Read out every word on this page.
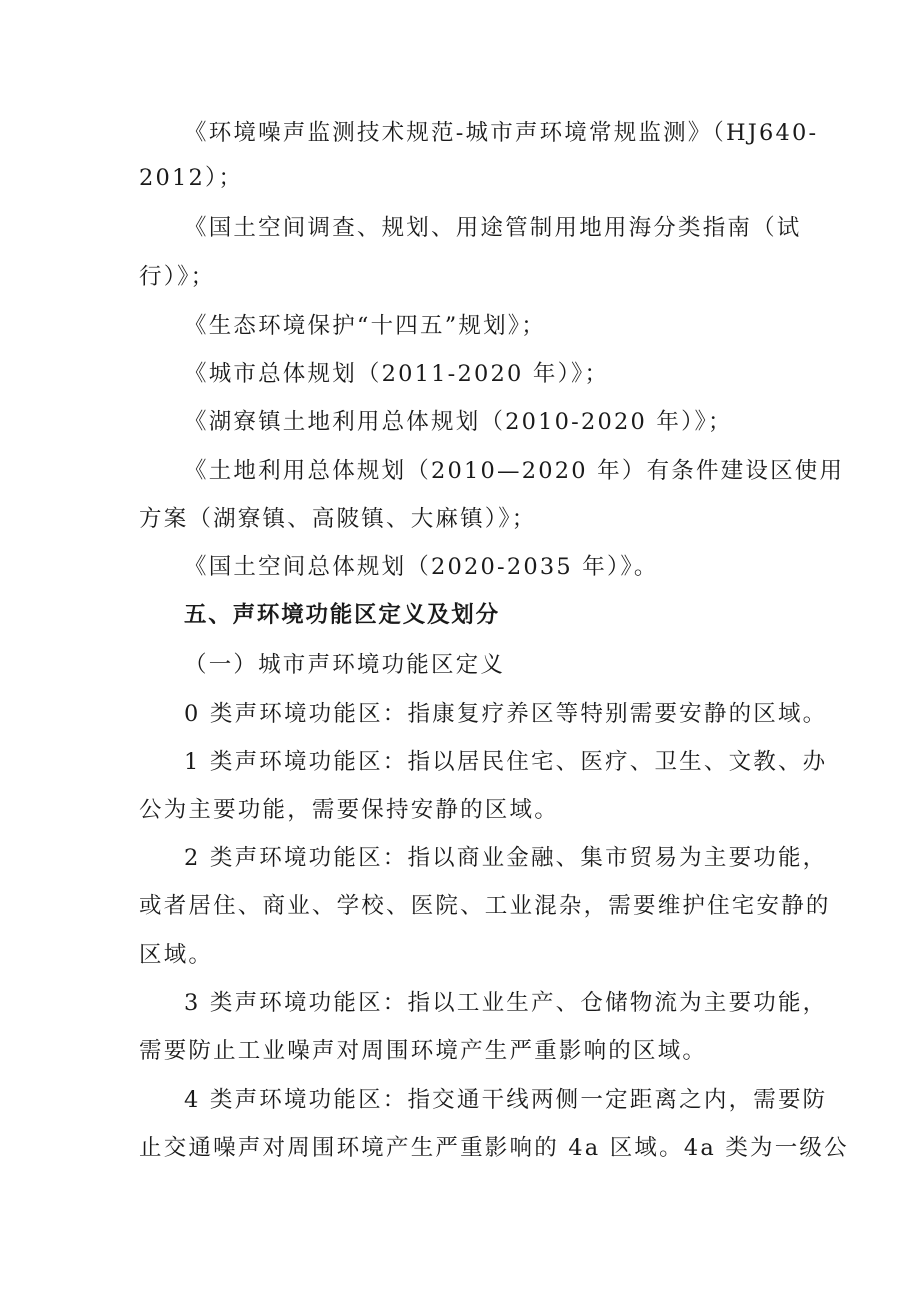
《环境噪声监测技术规范-城市声环境常规监测》（HJ640-

2012）；

《国土空间调查、规划、用途管制用地用海分类指南（试

行）》；

《生态环境保护“十四五”规划》；

《城市总体规划（2011-2020 年）》；

《湖寮镇土地利用总体规划（2010-2020 年）》；

《土地利用总体规划（2010—2020 年）有条件建设区使用

方案（湖寮镇、高陂镇、大麻镇）》；

《国土空间总体规划（2020-2035 年）》。

五、声环境功能区定义及划分

（一）城市声环境功能区定义

0 类声环境功能区：指康复疗养区等特别需要安静的区域。

1 类声环境功能区：指以居民住宅、医疗、卫生、文教、办

公为主要功能，需要保持安静的区域。

2 类声环境功能区：指以商业金融、集市贸易为主要功能，

或者居住、商业、学校、医院、工业混杂，需要维护住宅安静的

区域。

3 类声环境功能区：指以工业生产、仓储物流为主要功能，

需要防止工业噪声对周围环境产生严重影响的区域。

4 类声环境功能区：指交通干线两侧一定距离之内，需要防

止交通噪声对周围环境产生严重影响的 4a 区域。4a 类为一级公
